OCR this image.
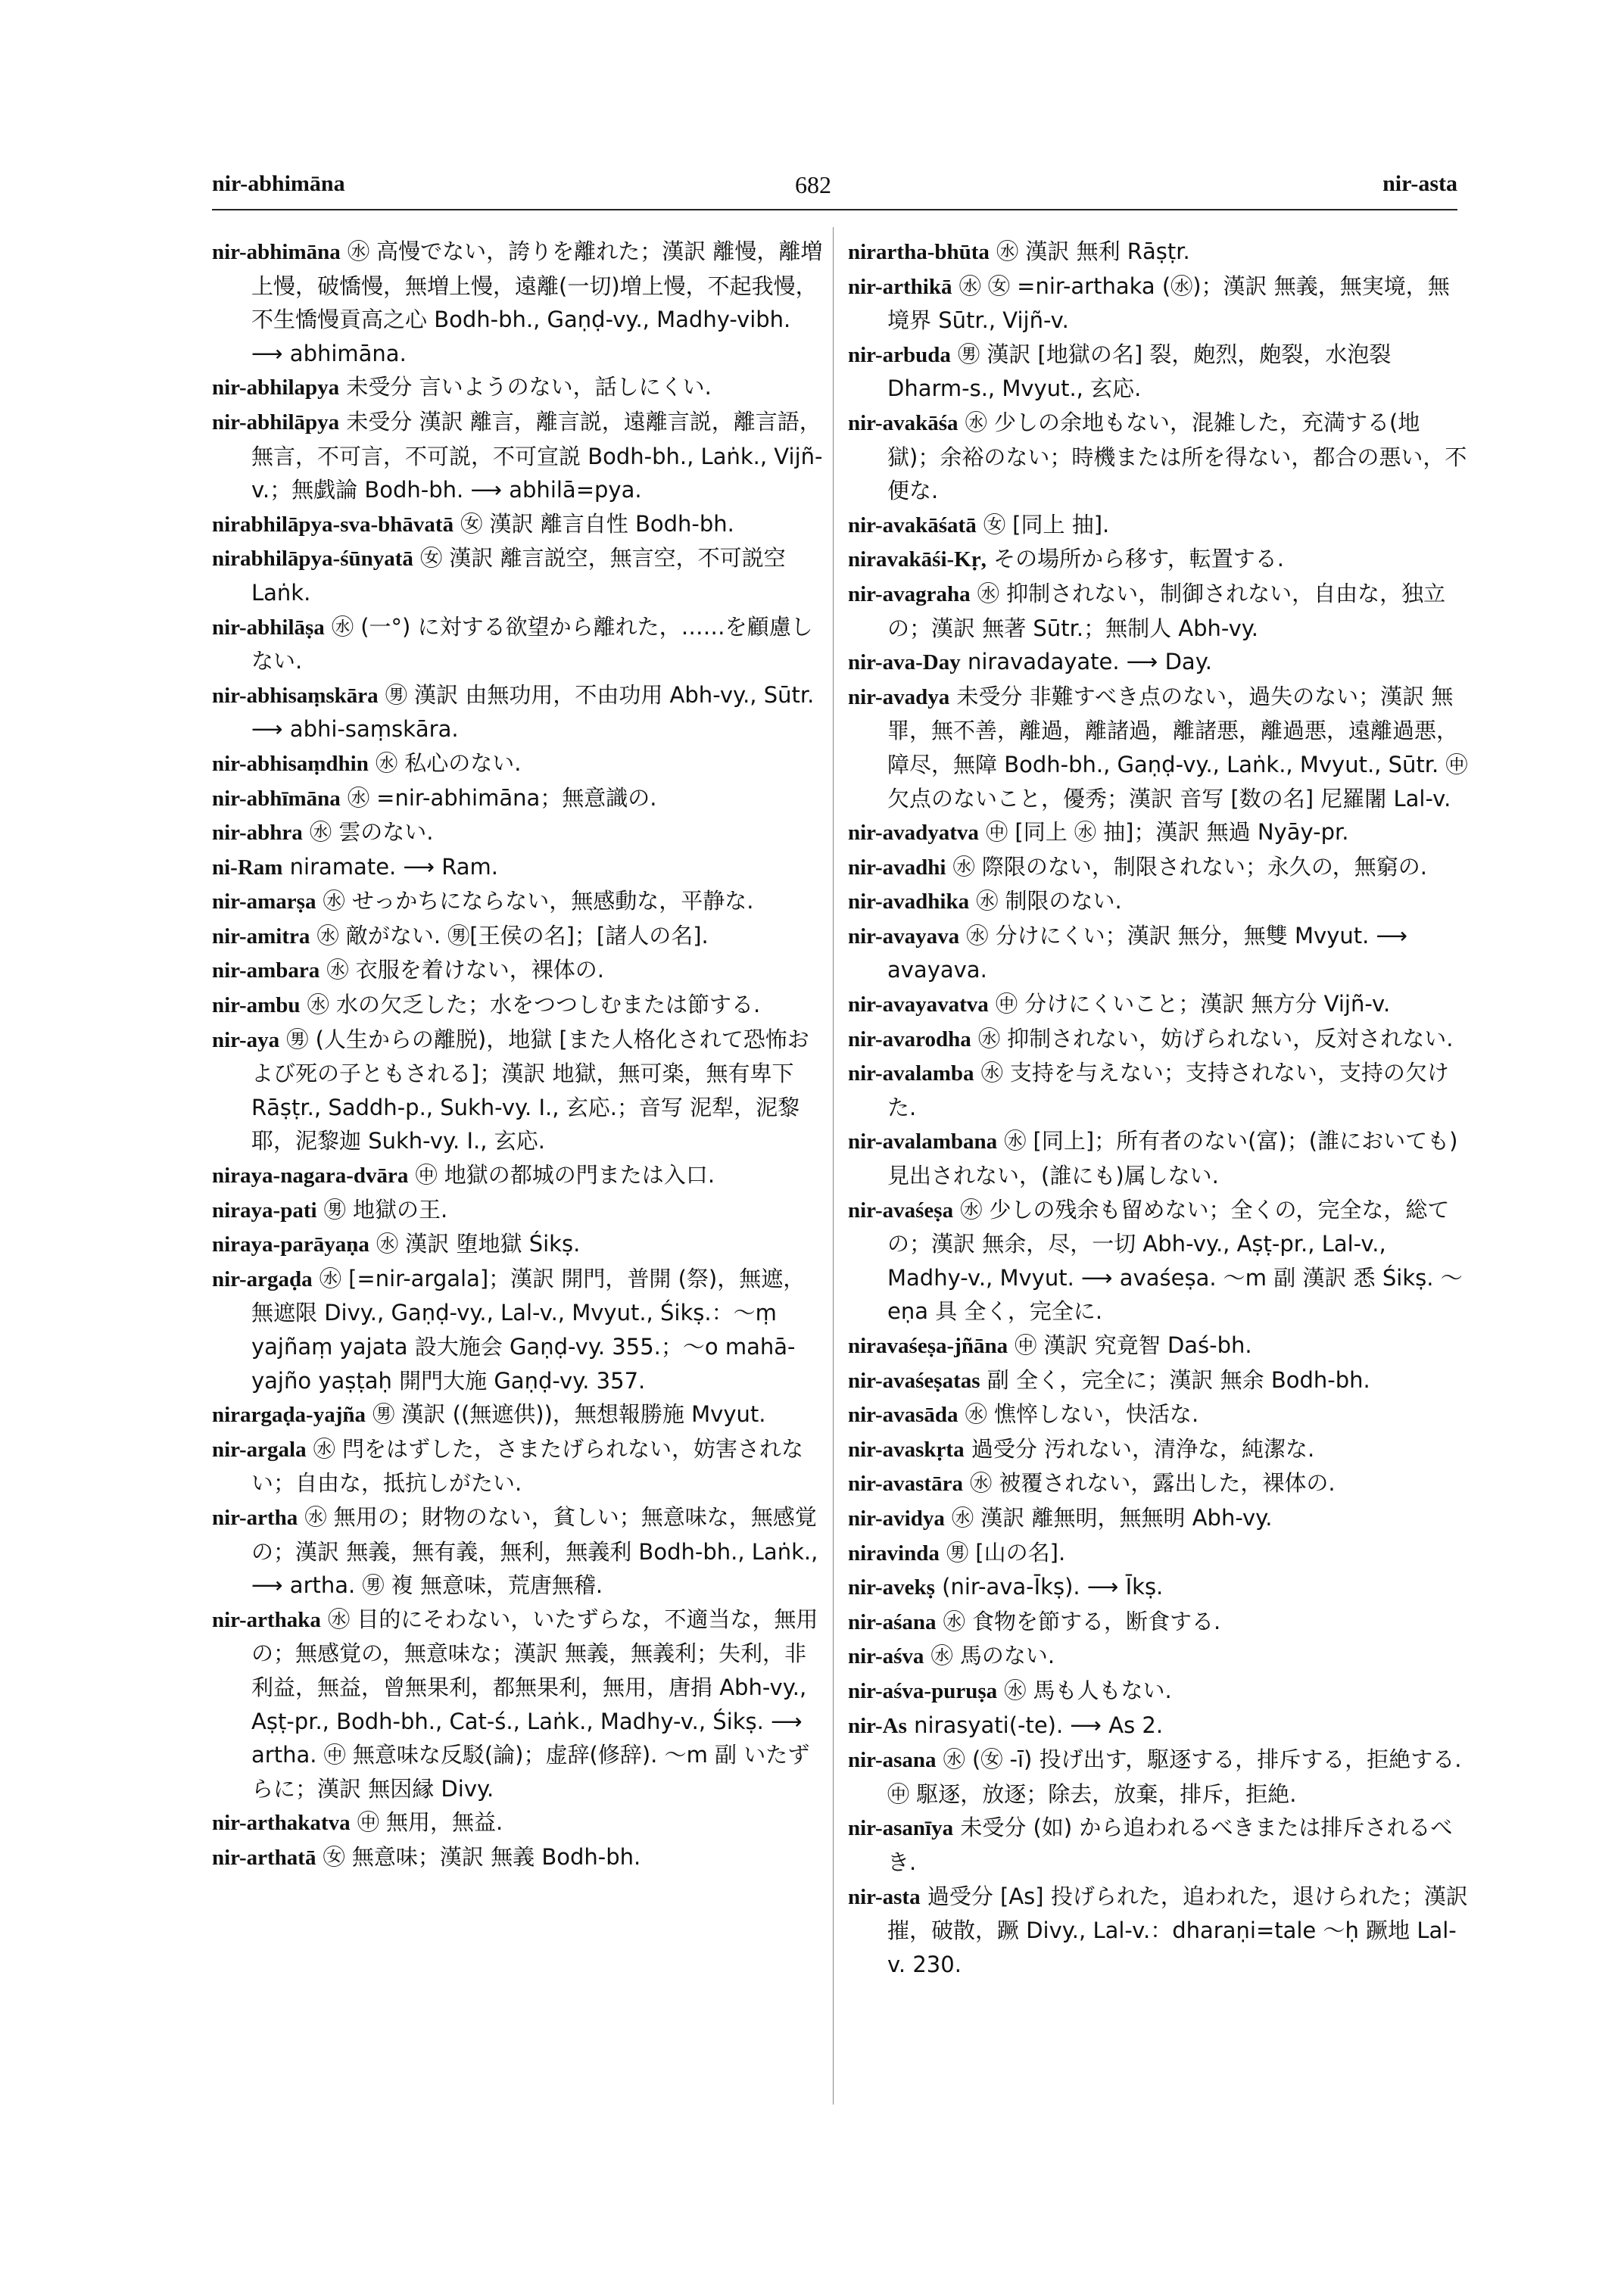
nir-abhimāna	682	nir-asta

nir-abhimāna ㊌ 高慢でない，誇りを離れた；漢訳 離慢，離増上慢，破憍慢，無増上慢，遠離(一切)増上慢，不起我慢，不生憍慢貢高之心 Bodh-bh., Gaṇḍ-vy., Madhy-vibh. ⟶ abhimāna.

nir-abhilapya 未受分 言いようのない，話しにくい.

nir-abhilāpya 未受分 漢訳 離言，離言説，遠離言説，離言語，無言，不可言，不可説，不可宣説 Bodh-bh., Laṅk., Vijñ-v.；無戯論 Bodh-bh. ⟶ abhilā=pya.

nirabhilāpya-sva-bhāvatā ㊛ 漢訳 離言自性 Bodh-bh.

nirabhilāpya-śūnyatā ㊛ 漢訳 離言説空，無言空，不可説空 Laṅk.

nir-abhilāṣa ㊌ (一°) に対する欲望から離れた，……を顧慮しない.

nir-abhisaṃskāra ㊚ 漢訳 由無功用，不由功用 Abh-vy., Sūtr. ⟶ abhi-saṃskāra.

nir-abhisaṃdhin ㊌ 私心のない.

nir-abhīmāna ㊌ =nir-abhimāna；無意識の.

nir-abhra ㊌ 雲のない.

ni-Ram niramate. ⟶ Ram.

nir-amarṣa ㊌ せっかちにならない，無感動な，平静な.

nir-amitra ㊌ 敵がない. ㊚[王侯の名]；[諸人の名].

nir-ambara ㊌ 衣服を着けない，裸体の.

nir-ambu ㊌ 水の欠乏した；水をつつしむまたは節する.

nir-aya ㊚ (人生からの離脱)，地獄 [また人格化されて恐怖および死の子ともされる]；漢訳 地獄，無可楽，無有卑下 Rāṣṭr., Saddh-p., Sukh-vy. I., 玄応.；音写 泥犁，泥黎耶，泥黎迦 Sukh-vy. I., 玄応.

niraya-nagara-dvāra ㊥ 地獄の都城の門または入口.

niraya-pati ㊚ 地獄の王.

niraya-parāyaṇa ㊌ 漢訳 堕地獄 Śikṣ.

nir-argaḍa ㊌ [=nir-argala]；漢訳 開門，普開 (祭)，無遮，無遮限 Divy., Gaṇḍ-vy., Lal-v., Mvyut., Śikṣ.：〜ṃ yajñaṃ yajata 設大施会 Gaṇḍ-vy. 355.；〜o mahā-yajño yaṣṭaḥ 開門大施 Gaṇḍ-vy. 357.

nirargaḍa-yajña ㊚ 漢訳 ((無遮供))，無想報勝施 Mvyut.

nir-argala ㊌ 閂をはずした，さまたげられない，妨害されない；自由な，抵抗しがたい.

nir-artha ㊌ 無用の；財物のない，貧しい；無意味な，無感覚の；漢訳 無義，無有義，無利，無義利 Bodh-bh., Laṅk., ⟶ artha. ㊚ 複 無意味，荒唐無稽.

nir-arthaka ㊌ 目的にそわない，いたずらな，不適当な，無用の；無感覚の，無意味な；漢訳 無義，無義利；失利，非利益，無益，曾無果利，都無果利，無用，唐捐 Abh-vy., Aṣṭ-pr., Bodh-bh., Cat-ś., Laṅk., Madhy-v., Śikṣ. ⟶ artha. ㊥ 無意味な反駁(論)；虚辞(修辞). 〜m 副 いたずらに；漢訳 無因縁 Divy.

nir-arthakatva ㊥ 無用，無益.

nir-arthatā ㊛ 無意味；漢訳 無義 Bodh-bh.

nirartha-bhūta ㊌ 漢訳 無利 Rāṣṭr.

nir-arthikā ㊌ ㊛ =nir-arthaka (㊌)；漢訳 無義，無実境，無境界 Sūtr., Vijñ-v.

nir-arbuda ㊚ 漢訳 [地獄の名] 裂，皰烈，皰裂，水泡裂 Dharm-s., Mvyut., 玄応.

nir-avakāśa ㊌ 少しの余地もない，混雑した，充満する(地獄)；余裕のない；時機または所を得ない，都合の悪い，不便な.

nir-avakāśatā ㊛ [同上 抽].

niravakāśi-Kṛ, その場所から移す，転置する.

nir-avagraha ㊌ 抑制されない，制御されない，自由な，独立の；漢訳 無著 Sūtr.；無制人 Abh-vy.

nir-ava-Day niravadayate. ⟶ Day.

nir-avadya 未受分 非難すべき点のない，過失のない；漢訳 無罪，無不善，離過，離諸過，離諸悪，離過悪，遠離過悪，障尽，無障 Bodh-bh., Gaṇḍ-vy., Laṅk., Mvyut., Sūtr. ㊥ 欠点のないこと，優秀；漢訳 音写 [数の名] 尼羅闍 Lal-v.

nir-avadyatva ㊥ [同上 ㊌ 抽]；漢訳 無過 Nyāy-pr.

nir-avadhi ㊌ 際限のない，制限されない；永久の，無窮の.

nir-avadhika ㊌ 制限のない.

nir-avayava ㊌ 分けにくい；漢訳 無分，無雙 Mvyut. ⟶ avayava.

nir-avayavatva ㊥ 分けにくいこと；漢訳 無方分 Vijñ-v.

nir-avarodha ㊌ 抑制されない，妨げられない，反対されない.

nir-avalamba ㊌ 支持を与えない；支持されない，支持の欠けた.

nir-avalambana ㊌ [同上]；所有者のない(富)；(誰においても)見出されない，(誰にも)属しない.

nir-avaśeṣa ㊌ 少しの残余も留めない；全くの，完全な，総ての；漢訳 無余，尽，一切 Abh-vy., Aṣṭ-pr., Lal-v., Madhy-v., Mvyut. ⟶ avaśeṣa. 〜m 副 漢訳 悉 Śikṣ. 〜eṇa 具 全く，完全に.

niravaśeṣa-jñāna ㊥ 漢訳 究竟智 Daś-bh.

nir-avaśeṣatas 副 全く，完全に；漢訳 無余 Bodh-bh.

nir-avasāda ㊌ 憔悴しない，快活な.

nir-avaskṛta 過受分 汚れない，清浄な，純潔な.

nir-avastāra ㊌ 被覆されない，露出した，裸体の.

nir-avidya ㊌ 漢訳 離無明，無無明 Abh-vy.

niravinda ㊚ [山の名].

nir-avekṣ (nir-ava-Īkṣ). ⟶ Īkṣ.

nir-aśana ㊌ 食物を節する，断食する.

nir-aśva ㊌ 馬のない.

nir-aśva-puruṣa ㊌ 馬も人もない.

nir-As nirasyati(-te). ⟶ As 2.

nir-asana ㊌ (㊛ -ī) 投げ出す，駆逐する，排斥する，拒絶する. ㊥ 駆逐，放逐；除去，放棄，排斥，拒絶.

nir-asanīya 未受分 (如) から追われるべきまたは排斥されるべき.

nir-asta 過受分 [As] 投げられた，追われた，退けられた；漢訳 摧，破散，蹶 Divy., Lal-v.：dharaṇi=tale 〜ḥ 蹶地 Lal-v. 230.
